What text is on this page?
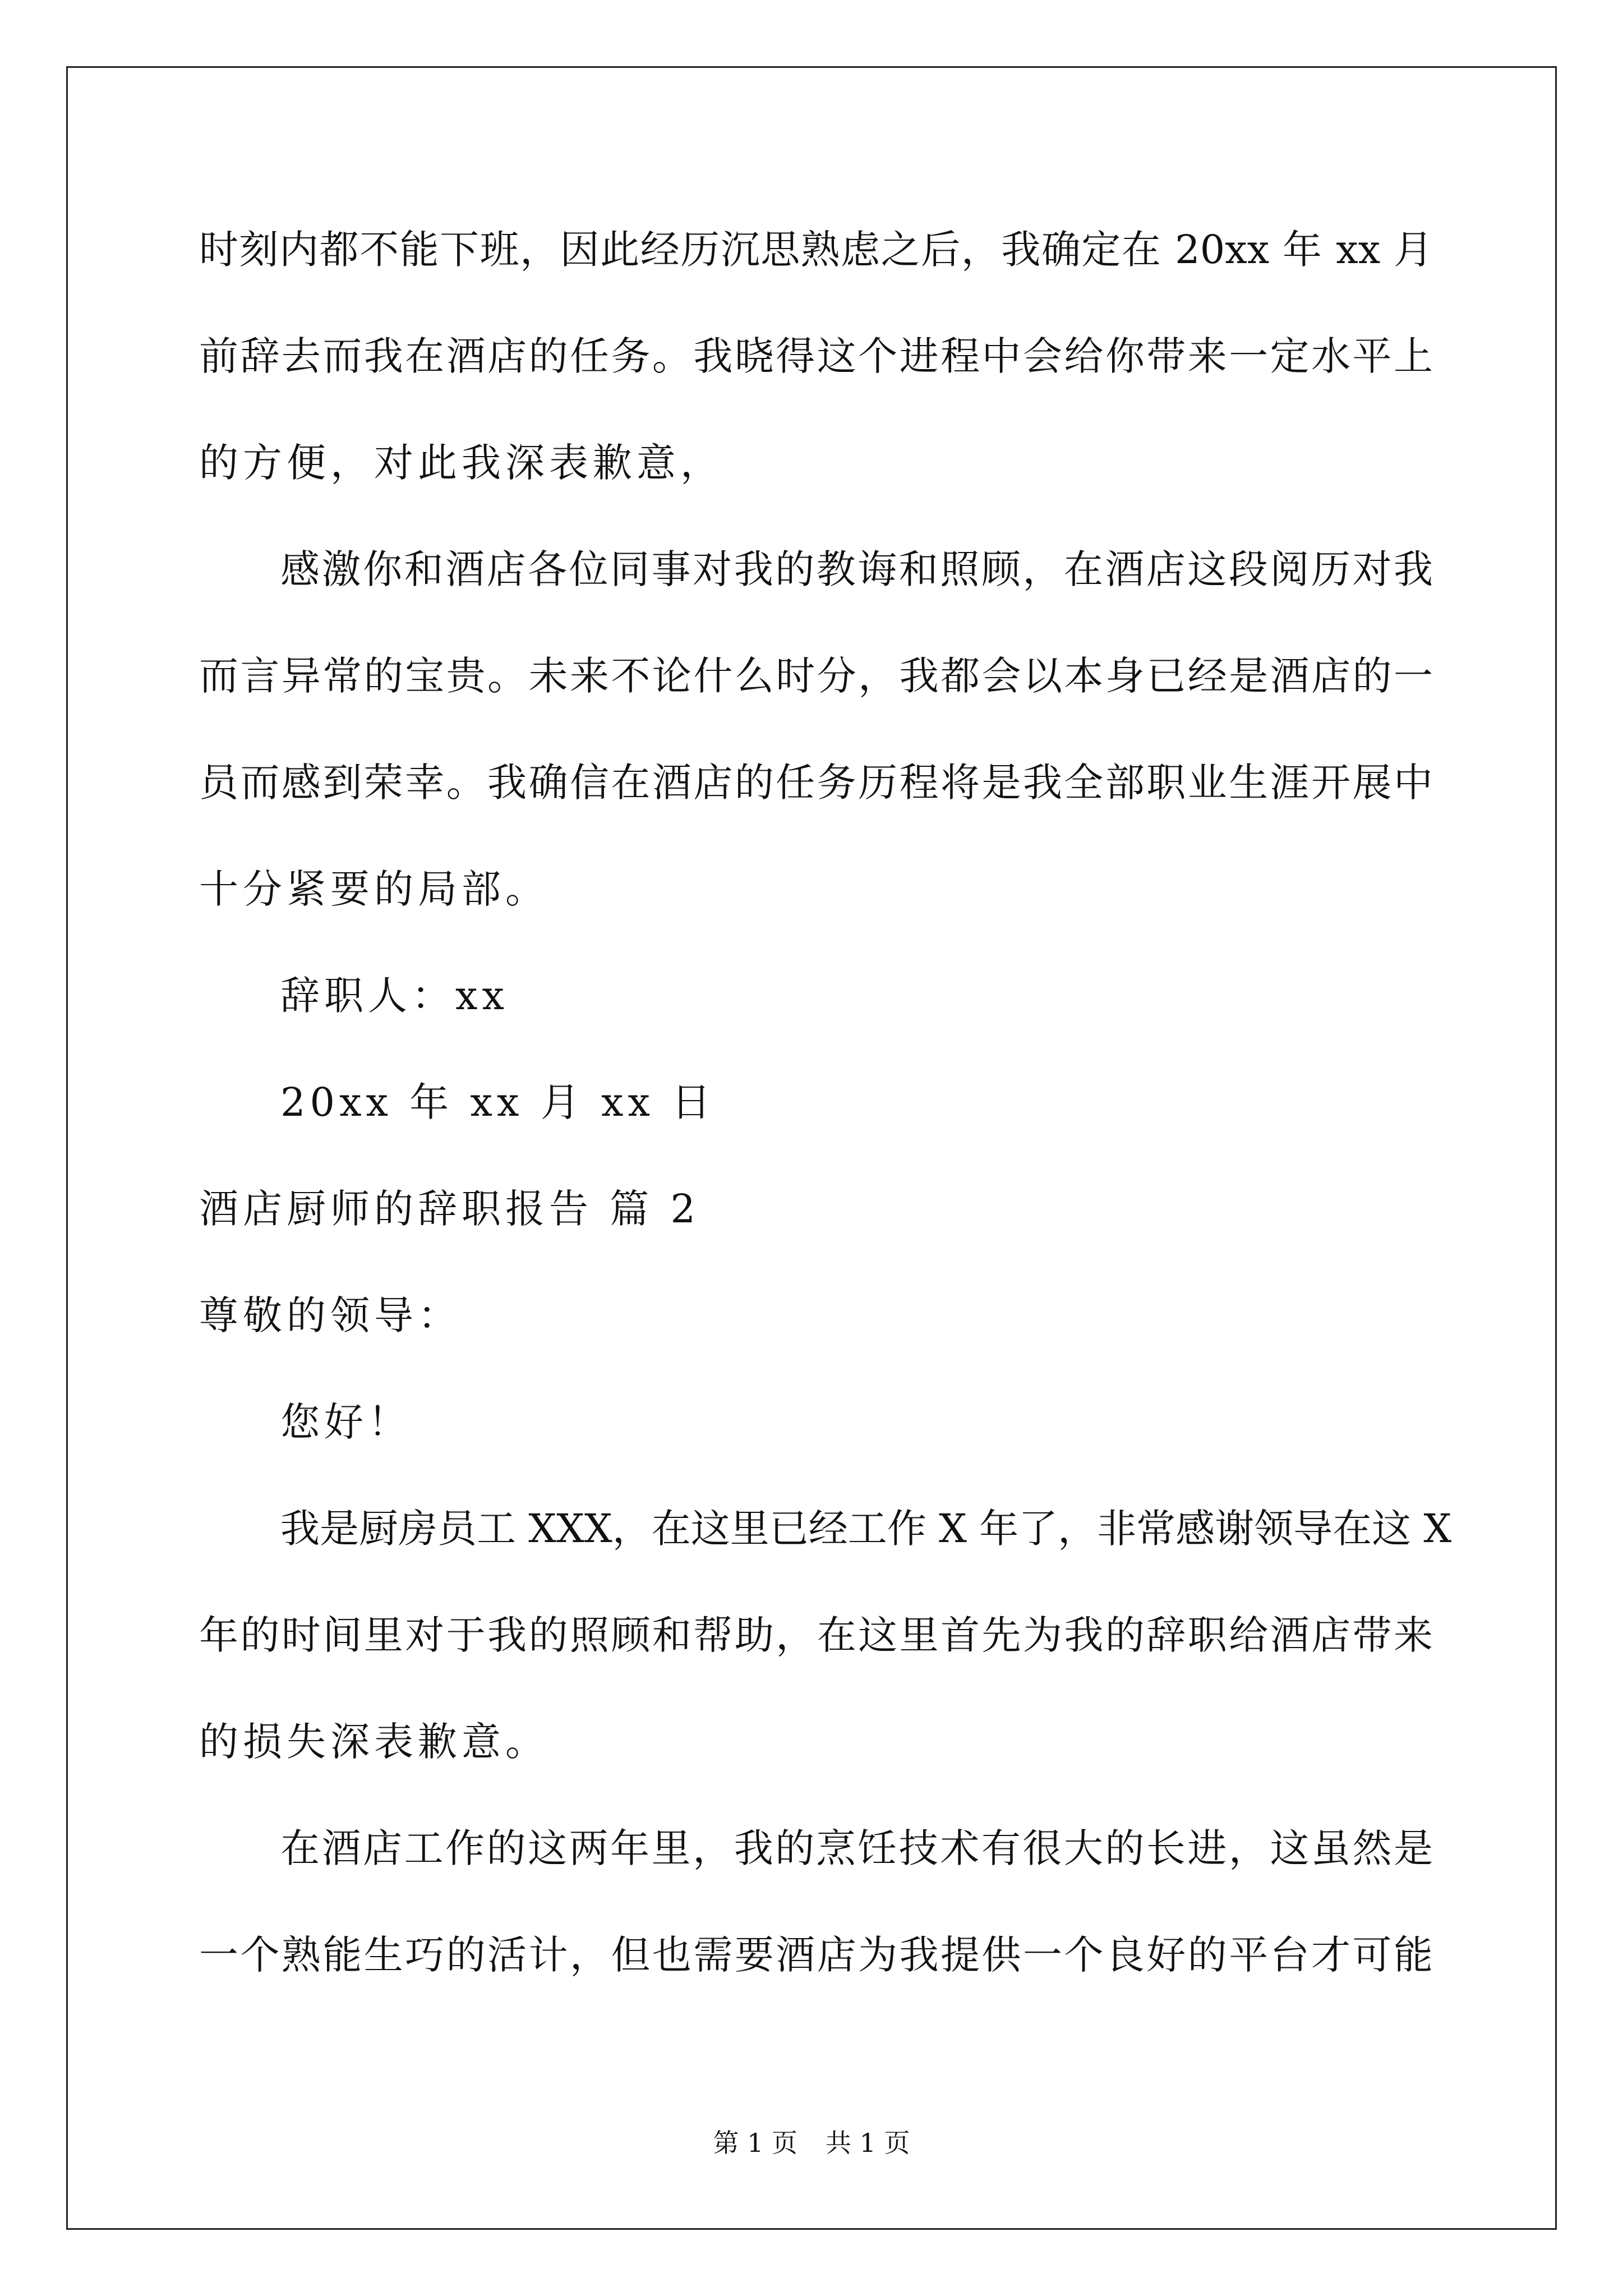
时刻内都不能下班，因此经历沉思熟虑之后，我确定在 20xx 年 xx 月
前辞去而我在酒店的任务。我晓得这个进程中会给你带来一定水平上
的方便，对此我深表歉意，
感激你和酒店各位同事对我的教诲和照顾，在酒店这段阅历对我
而言异常的宝贵。未来不论什么时分，我都会以本身已经是酒店的一
员而感到荣幸。我确信在酒店的任务历程将是我全部职业生涯开展中
十分紧要的局部。
辞职人：xx
20xx 年 xx 月 xx 日
酒店厨师的辞职报告 篇 2
尊敬的领导：
您好！
我是厨房员工 XXX，在这里已经工作 X 年了，非常感谢领导在这 X
年的时间里对于我的照顾和帮助，在这里首先为我的辞职给酒店带来
的损失深表歉意。
在酒店工作的这两年里，我的烹饪技术有很大的长进，这虽然是
一个熟能生巧的活计，但也需要酒店为我提供一个良好的平台才可能
第 1 页 共 1 页
